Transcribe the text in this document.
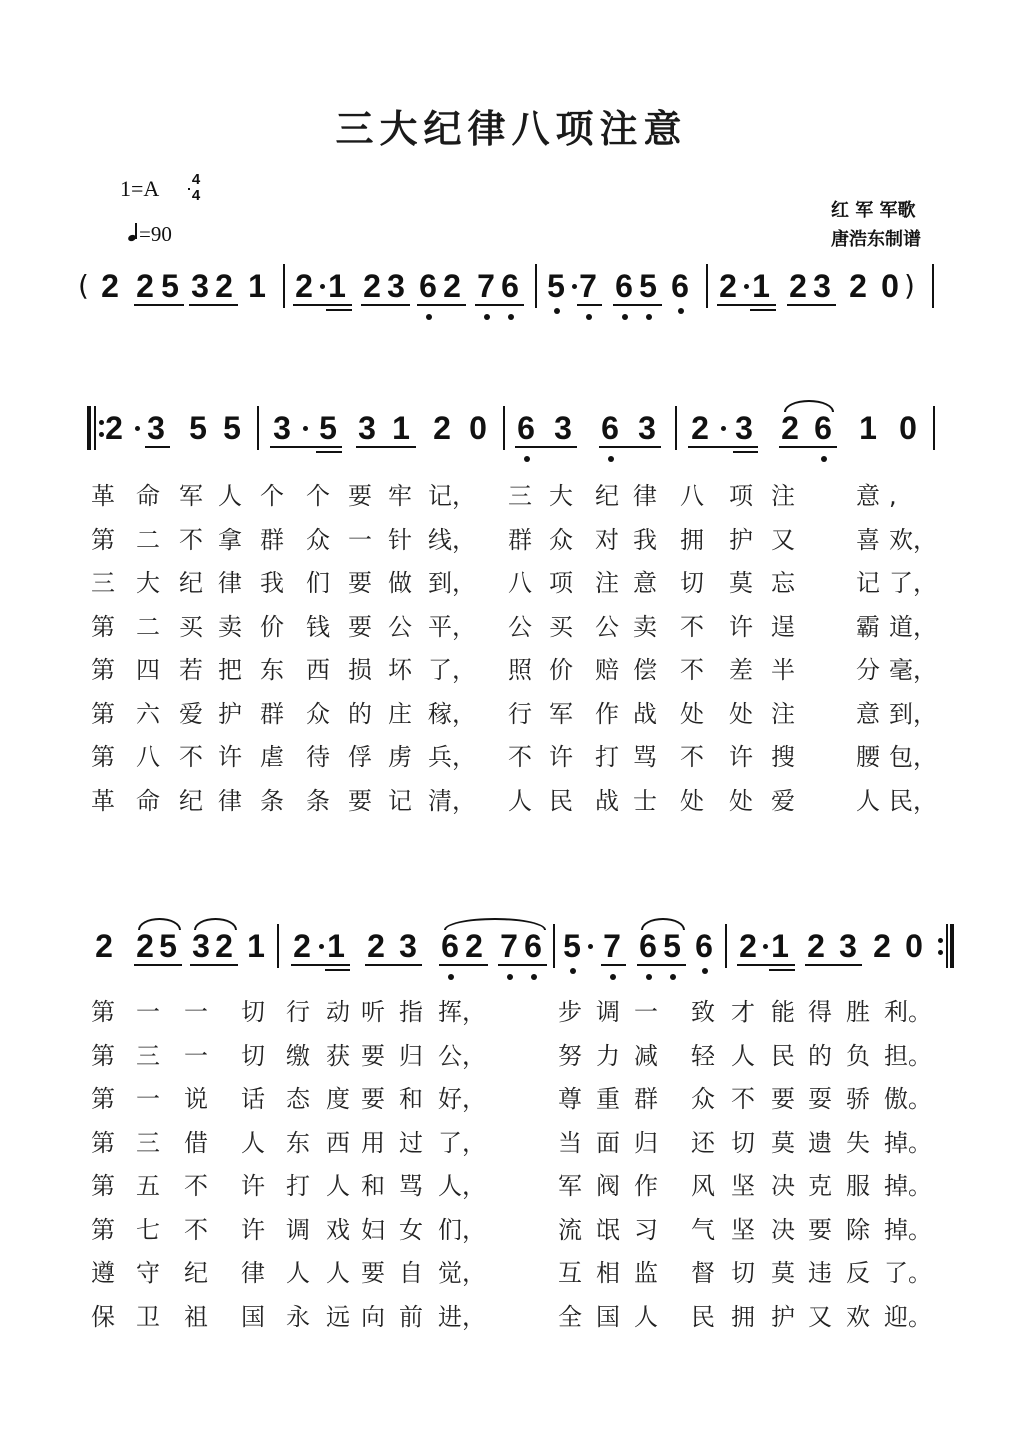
三大纪律八项注意
1=A	4
4
=90
红 军 军歌
唐浩东制谱
2 2 5 3 2 1 2 1 2 3 6 2 7 6 5 7 6 5 6 2 1 2 3 2 0
(	)
2 3 5 5 3 5 3 1 2 0 6 3 6 3 2 3 2 6 1 0
2 2 5 3 2 1 2 1 2 3 6 2 7 6 5 7 6 5 6 2 1 2 3 2 0
革 命 军 人 个 个 要 牢 记， 三 大 纪 律 八 项 注	意 ,
第 二 不 拿 群 众 一 针 线， 群 众 对 我 拥 护 又	喜 欢，
三 大 纪 律 我 们 要 做 到， 八 项 注 意 切 莫 忘	记 了，
第 二 买 卖 价 钱 要 公 平， 公 买 公 卖 不 许 逞	霸 道，
第 四 若 把 东 西 损 坏 了， 照 价 赔 偿 不 差 半	分 毫，
第 六 爱 护 群 众 的 庄 稼， 行 军 作 战 处 处 注	意 到，
第 八 不 许 虐 待 俘 虏 兵， 不 许 打 骂 不 许 搜	腰 包，
革 命 纪 律 条 条 要 记 清， 人 民 战 士 处 处 爱	人 民，
第 一 一 切 行 动 听 指 挥，	步 调 一 致 才 能 得 胜 利。
第 三 一 切 缴 获 要 归 公，	努 力 减 轻 人 民 的 负 担。
第 一 说 话 态 度 要 和 好，	尊 重 群 众 不 要 耍 骄 傲。
第 三 借 人 东 西 用 过 了，	当 面 归 还 切 莫 遗 失 掉。
第 五 不 许 打 人 和 骂 人，	军 阀 作 风 坚 决 克 服 掉。
第 七 不 许 调 戏 妇 女 们，	流 氓 习 气 坚 决 要 除 掉。
遵 守 纪 律 人 人 要 自 觉，	互 相 监 督 切 莫 违 反 了。
保 卫 祖 国 永 远 向 前 进，	全 国 人 民 拥 护 又 欢 迎。
